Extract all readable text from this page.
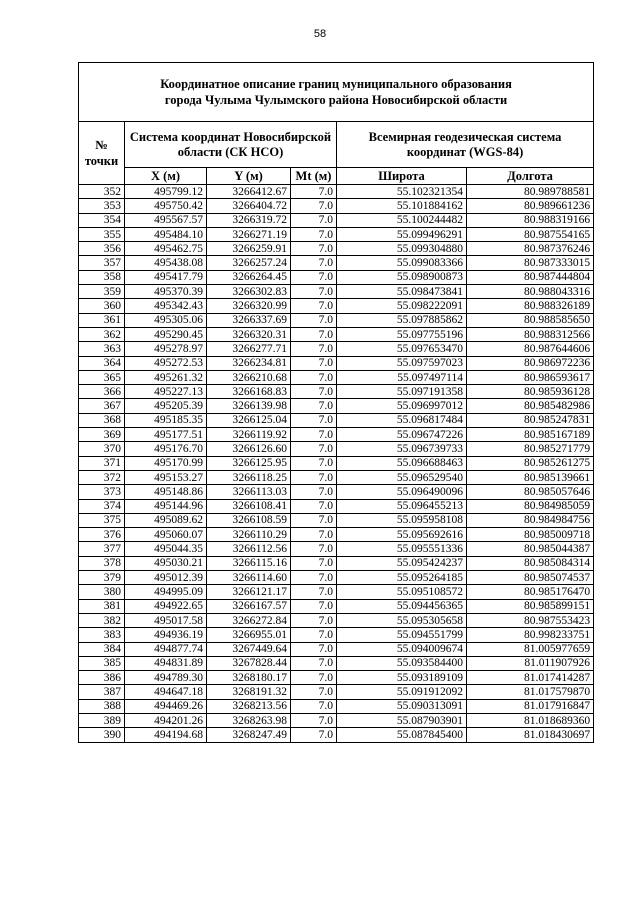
58
Координатное описание границ муниципального образования
города Чулыма Чулымского района Новосибирской области					

№
точки	Система координат Новосибирской области (СК НСО)			Всемирная геодезическая система координат (WGS-84)	
	X (м)	Y (м)	Mt (м)	Широта	Долгота
352	495799.12	3266412.67	7.0	55.102321354	80.989788581
353	495750.42	3266404.72	7.0	55.101884162	80.989661236
354	495567.57	3266319.72	7.0	55.100244482	80.988319166
355	495484.10	3266271.19	7.0	55.099496291	80.987554165
356	495462.75	3266259.91	7.0	55.099304880	80.987376246
357	495438.08	3266257.24	7.0	55.099083366	80.987333015
358	495417.79	3266264.45	7.0	55.098900873	80.987444804
359	495370.39	3266302.83	7.0	55.098473841	80.988043316
360	495342.43	3266320.99	7.0	55.098222091	80.988326189
361	495305.06	3266337.69	7.0	55.097885862	80.988585650
362	495290.45	3266320.31	7.0	55.097755196	80.988312566
363	495278.97	3266277.71	7.0	55.097653470	80.987644606
364	495272.53	3266234.81	7.0	55.097597023	80.986972236
365	495261.32	3266210.68	7.0	55.097497114	80.986593617
366	495227.13	3266168.83	7.0	55.097191358	80.985936128
367	495205.39	3266139.98	7.0	55.096997012	80.985482986
368	495185.35	3266125.04	7.0	55.096817484	80.985247831
369	495177.51	3266119.92	7.0	55.096747226	80.985167189
370	495176.70	3266126.60	7.0	55.096739733	80.985271779
371	495170.99	3266125.95	7.0	55.096688463	80.985261275
372	495153.27	3266118.25	7.0	55.096529540	80.985139661
373	495148.86	3266113.03	7.0	55.096490096	80.985057646
374	495144.96	3266108.41	7.0	55.096455213	80.984985059
375	495089.62	3266108.59	7.0	55.095958108	80.984984756
376	495060.07	3266110.29	7.0	55.095692616	80.985009718
377	495044.35	3266112.56	7.0	55.095551336	80.985044387
378	495030.21	3266115.16	7.0	55.095424237	80.985084314
379	495012.39	3266114.60	7.0	55.095264185	80.985074537
380	494995.09	3266121.17	7.0	55.095108572	80.985176470
381	494922.65	3266167.57	7.0	55.094456365	80.985899151
382	495017.58	3266272.84	7.0	55.095305658	80.987553423
383	494936.19	3266955.01	7.0	55.094551799	80.998233751
384	494877.74	3267449.64	7.0	55.094009674	81.005977659
385	494831.89	3267828.44	7.0	55.093584400	81.011907926
386	494789.30	3268180.17	7.0	55.093189109	81.017414287
387	494647.18	3268191.32	7.0	55.091912092	81.017579870
388	494469.26	3268213.56	7.0	55.090313091	81.017916847
389	494201.26	3268263.98	7.0	55.087903901	81.018689360
390	494194.68	3268247.49	7.0	55.087845400	81.018430697
